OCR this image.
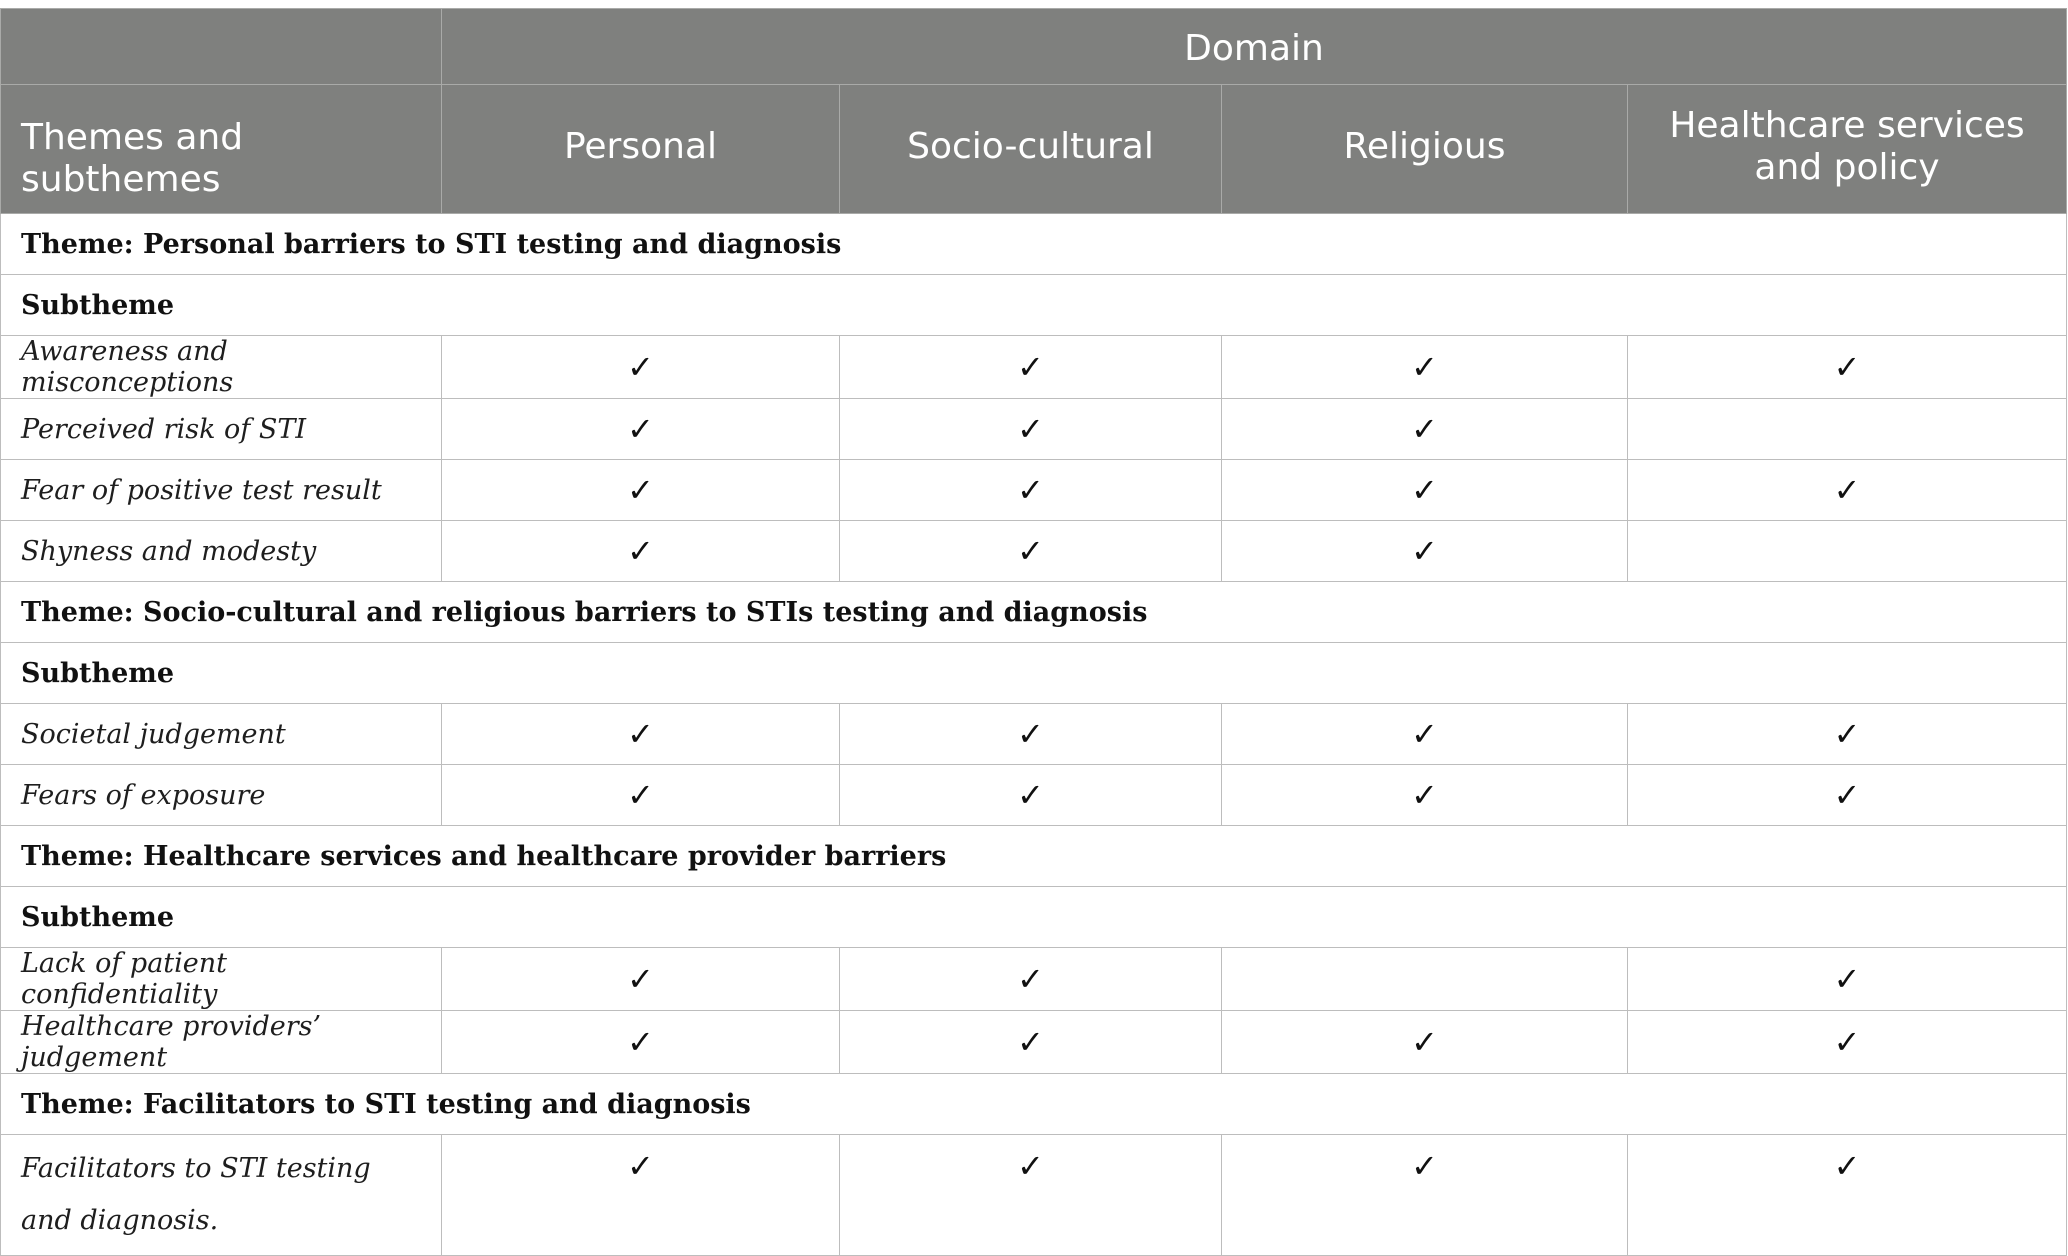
	Domain			
Themes and subthemes	Personal	Socio-cultural	Religious	Healthcare services and policy
Theme: Personal barriers to STI testing and diagnosis				
Subtheme				
Awareness and misconceptions	✓	✓	✓	✓
Perceived risk of STI	✓	✓	✓	
Fear of positive test result	✓	✓	✓	✓
Shyness and modesty	✓	✓	✓	
Theme: Socio-cultural and religious barriers to STIs testing and diagnosis				
Subtheme				
Societal judgement	✓	✓	✓	✓
Fears of exposure	✓	✓	✓	✓
Theme: Healthcare services and healthcare provider barriers				
Subtheme				
Lack of patient confidentiality	✓	✓		✓
Healthcare providers’ judgement	✓	✓	✓	✓
Theme: Facilitators to STI testing and diagnosis				
Facilitators to STI testing and diagnosis.	✓	✓	✓	✓
